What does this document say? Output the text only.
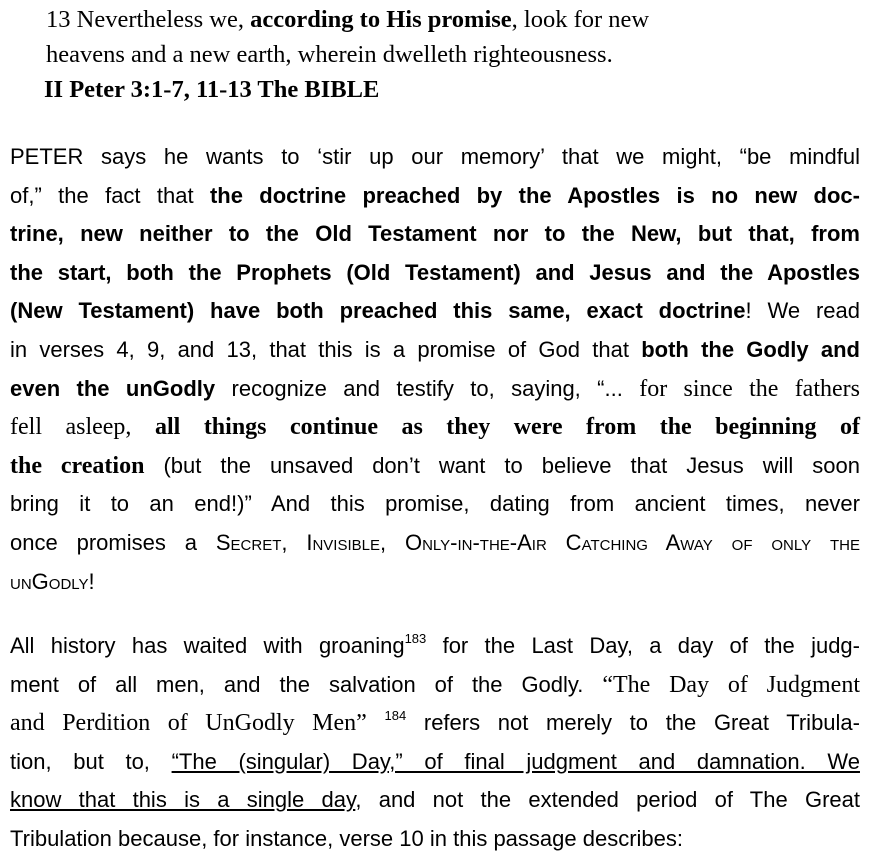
13 Nevertheless we, according to His promise, look for new
heavens and a new earth, wherein dwelleth righteousness.
II Peter 3:1-7, 11-13 The BIBLE
PETER says he wants to ‘stir up our memory’ that we might, “be mindful
of,” the fact that the doctrine preached by the Apostles is no new doc-
trine, new neither to the Old Testament nor to the New, but that, from
the start, both the Prophets (Old Testament) and Jesus and the Apostles
(New Testament) have both preached this same, exact doctrine! We read
in verses 4, 9, and 13, that this is a promise of God that both the Godly and
even the unGodly recognize and testify to, saying, “... for since the fathers
fell asleep, all things continue as they were from the beginning of
the creation (but the unsaved don’t want to believe that Jesus will soon
bring it to an end!)” And this promise, dating from ancient times, never
once promises a Secret, Invisible, Only-in-the-Air Catching Away of only the
unGodly!
All history has waited with groaning$^{183}$ for the Last Day, a day of the judg-
ment of all men, and the salvation of the Godly. “The Day of Judgment
and Perdition of UnGodly Men” $^{184}$ refers not merely to the Great Tribula-
tion, but to, “The (singular) Day,” of final judgment and damnation. We
know that this is a single day, and not the extended period of The Great
Tribulation because, for instance, verse 10 in this passage describes:
